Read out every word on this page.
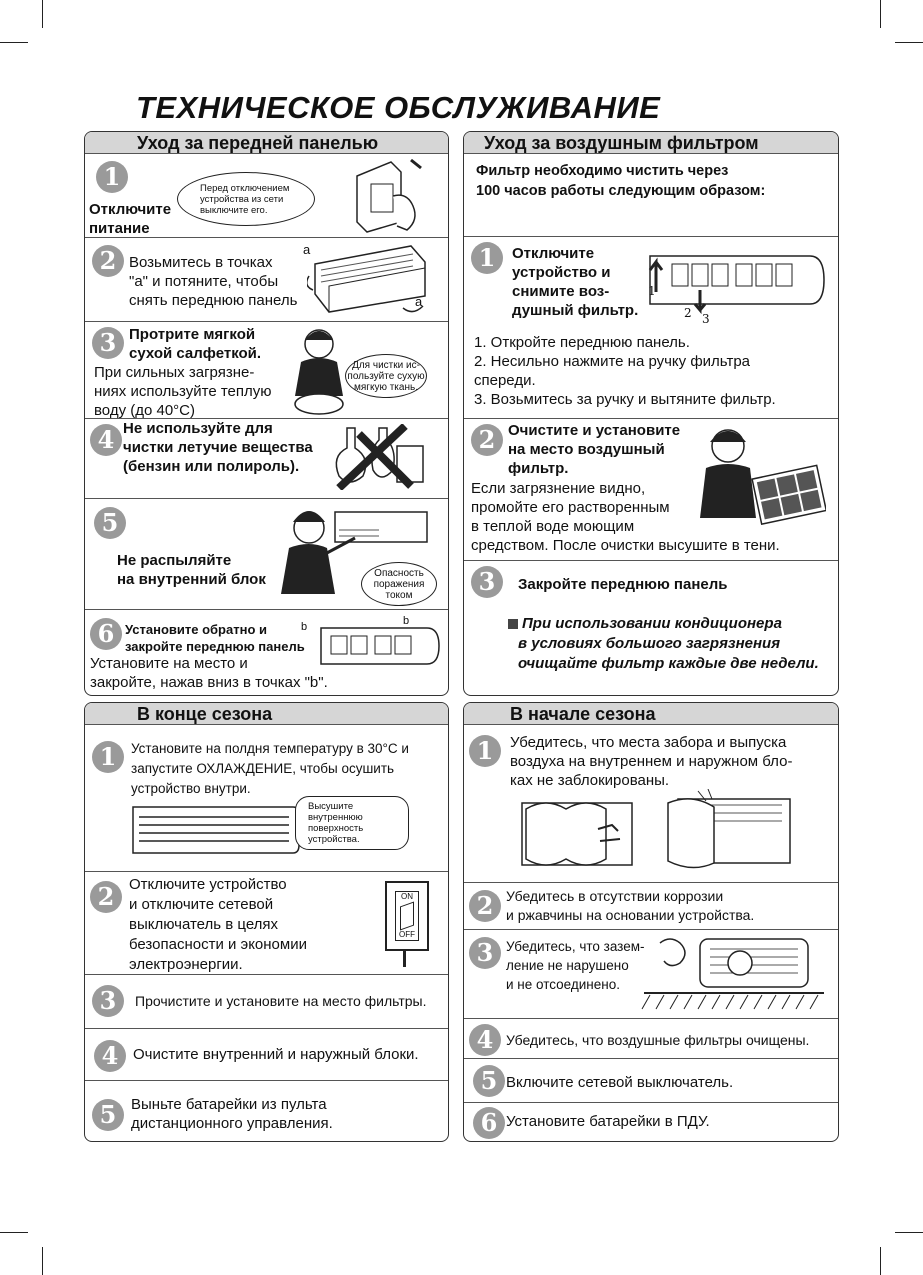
ТЕХНИЧЕСКОЕ ОБСЛУЖИВАНИЕ
Уход за передней панелью
1
Отключите
питание
Перед отключением
устройства из сети
выключите его.
2 Возьмитесь в точках
"a" и потяните, чтобы
снять переднюю панель
a
a
3 Протрите мягкой
сухой салфеткой.
При сильных загрязне-
ниях используйте теплую
воду (до 40°С)
Для чистки ис-
пользуйте сухую
мягкую ткань.
4 Не используйте для
чистки летучие вещества
(бензин или полироль).
5
Не распыляйте
на внутренний блок	Опасность
поражения
током
6 Установите обратно и
закройте переднюю панель
Установите на место и
закройте, нажав вниз в точках "b".
b	b
Уход за воздушным фильтром
Фильтр необходимо чистить через
100 часов работы следующим образом:
1	Отключите
устройство и
снимите воз-
душный фильтр.
1
2 3
1. Откройте переднюю панель.
2. Несильно нажмите на ручку фильтра
спереди.
3. Возьмитесь за ручку и вытяните фильтр.
2 Очистите и установите
на место воздушный
фильтр.
Если загрязнение видно,
промойте его растворенным
в теплой воде моющим
средством. После очистки высушите в тени.
3	Закройте переднюю панель
При использовании кондиционера
в условиях большого загрязнения
очищайте фильтр каждые две недели.
В конце сезона
1	Установите на полдня температуру в 30°С и
запустите ОХЛАЖДЕНИЕ, чтобы осушить
устройство внутри.
Высушите
внутреннюю
поверхность
устройства.
2 Отключите устройство
и отключите сетевой
выключатель в целях
безопасности и экономии
электроэнергии.
ON
OFF
3	Прочистите и установите на место фильтры.
4 Очистите внутренний и наружный блоки.
5 Выньте батарейки из пульта
дистанционного управления.
В начале сезона
1	Убедитесь, что места забора и выпуска
воздуха на внутреннем и наружном бло-
ках не заблокированы.
2 Убедитесь в отсутствии коррозии
и ржавчины на основании устройства.
3 Убедитесь, что зазем-
ление не нарушено
и не отсоединено.
4 Убедитесь, что воздушные фильтры очищены.
5 Включите сетевой выключатель.
6 Установите батарейки в ПДУ.
